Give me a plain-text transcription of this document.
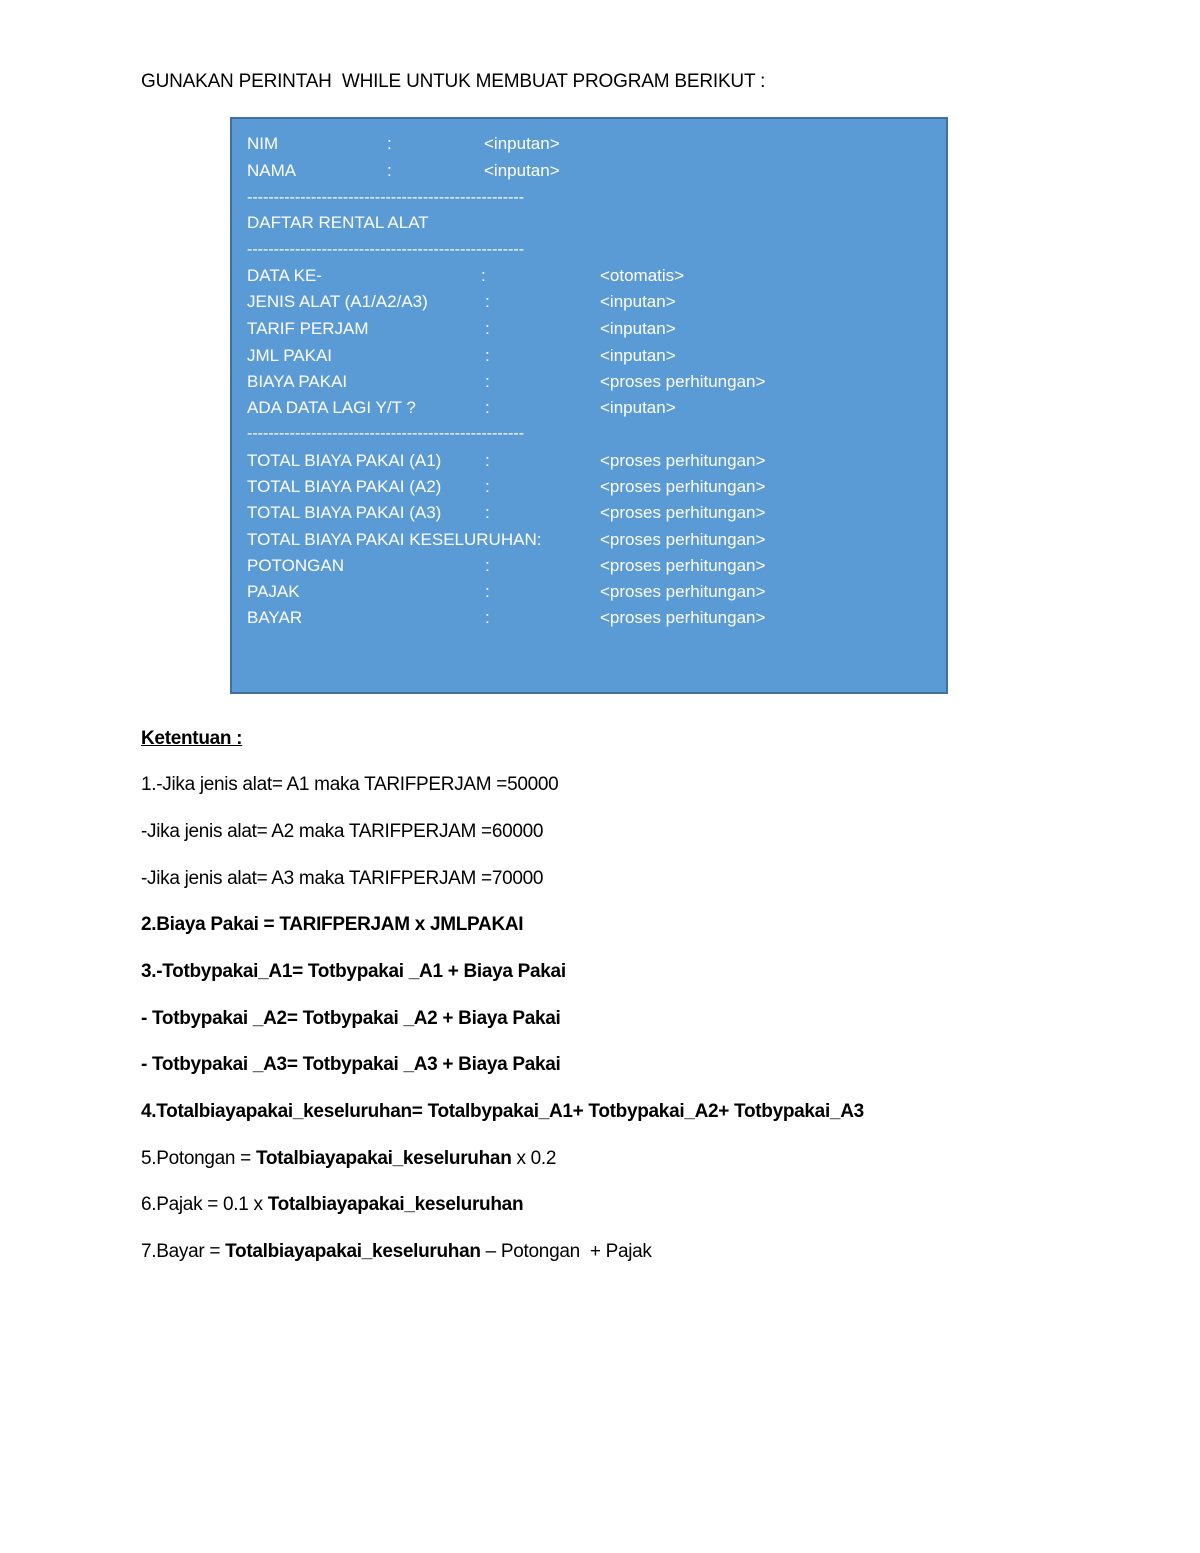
GUNAKAN PERINTAH  WHILE UNTUK MEMBUAT PROGRAM BERIKUT :
NIM	:	<inputan>
NAMA	:	<inputan>
----------------------------------------------------
DAFTAR RENTAL ALAT
----------------------------------------------------
DATA KE-	:	<otomatis>
JENIS ALAT (A1/A2/A3)	:	<inputan>
TARIF PERJAM	:	<inputan>
JML PAKAI	:	<inputan>
BIAYA PAKAI	:	<proses perhitungan>
ADA DATA LAGI Y/T ?	:	<inputan>
----------------------------------------------------
TOTAL BIAYA PAKAI (A1)	:	<proses perhitungan>
TOTAL BIAYA PAKAI (A2)	:	<proses perhitungan>
TOTAL BIAYA PAKAI (A3)	:	<proses perhitungan>
TOTAL BIAYA PAKAI KESELURUHAN:	<proses perhitungan>
POTONGAN	:	<proses perhitungan>
PAJAK	:	<proses perhitungan>
BAYAR	:	<proses perhitungan>
Ketentuan :
1.-Jika jenis alat= A1 maka TARIFPERJAM =50000
-Jika jenis alat= A2 maka TARIFPERJAM =60000
-Jika jenis alat= A3 maka TARIFPERJAM =70000
2.Biaya Pakai = TARIFPERJAM x JMLPAKAI
3.-Totbypakai_A1= Totbypakai _A1 + Biaya Pakai
- Totbypakai _A2= Totbypakai _A2 + Biaya Pakai
- Totbypakai _A3= Totbypakai _A3 + Biaya Pakai
4.Totalbiayapakai_keseluruhan= Totalbypakai_A1+ Totbypakai_A2+ Totbypakai_A3
5.Potongan = Totalbiayapakai_keseluruhan x 0.2
6.Pajak = 0.1 x Totalbiayapakai_keseluruhan
7.Bayar = Totalbiayapakai_keseluruhan – Potongan  + Pajak
